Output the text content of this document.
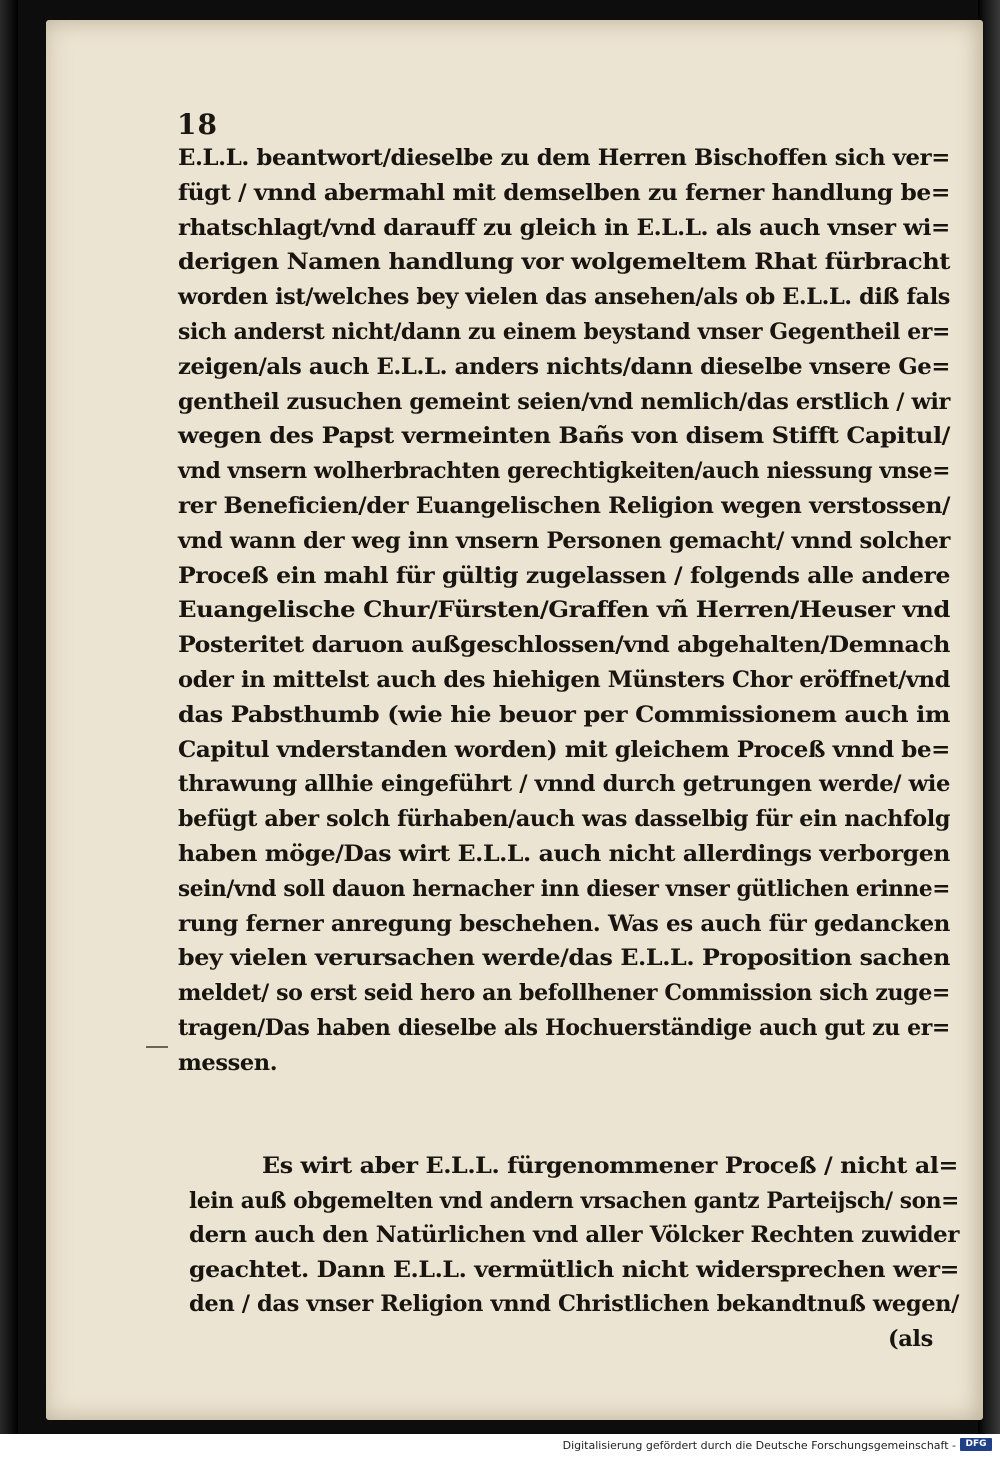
18
E.L.L. beantwort/dieselbe zu dem Herren Bischoffen sich ver=
fügt / vnnd abermahl mit demselben zu ferner handlung be=
rhatschlagt/vnd darauff zu gleich in E.L.L. als auch vnser wi=
derigen Namen handlung vor wolgemeltem Rhat fürbracht
worden ist/welches bey vielen das ansehen/als ob E.L.L. diß fals
sich anderst nicht/dann zu einem beystand vnser Gegentheil er=
zeigen/als auch E.L.L. anders nichts/dann dieselbe vnsere Ge=
gentheil zusuchen gemeint seien/vnd nemlich/das erstlich / wir
wegen des Papst vermeinten Bañs von disem Stifft Capitul/
vnd vnsern wolherbrachten gerechtigkeiten/auch niessung vnse=
rer Beneficien/der Euangelischen Religion wegen verstossen/
vnd wann der weg inn vnsern Personen gemacht/ vnnd solcher
Proceß ein mahl für gültig zugelassen / folgends alle andere
Euangelische Chur/Fürsten/Graffen vñ Herren/Heuser vnd
Posteritet daruon außgeschlossen/vnd abgehalten/Demnach
oder in mittelst auch des hiehigen Münsters Chor eröffnet/vnd
das Pabsthumb (wie hie beuor per Commissionem auch im
Capitul vnderstanden worden) mit gleichem Proceß vnnd be=
thrawung allhie eingeführt / vnnd durch getrungen werde/ wie
befügt aber solch fürhaben/auch was dasselbig für ein nachfolg
haben möge/Das wirt E.L.L. auch nicht allerdings verborgen
sein/vnd soll dauon hernacher inn dieser vnser gütlichen erinne=
rung ferner anregung beschehen. Was es auch für gedancken
bey vielen verursachen werde/das E.L.L. Proposition sachen
meldet/ so erst seid hero an befollhener Commission sich zuge=
tragen/Das haben dieselbe als Hochuerständige auch gut zu er=
messen.
Es wirt aber E.L.L. fürgenommener Proceß / nicht al=
lein auß obgemelten vnd andern vrsachen gantz Parteijsch/ son=
dern auch den Natürlichen vnd aller Völcker Rechten zuwider
geachtet. Dann E.L.L. vermütlich nicht widersprechen wer=
den / das vnser Religion vnnd Christlichen bekandtnuß wegen/
(als
Digitalisierung gefördert durch die Deutsche Forschungsgemeinschaft -	DFG
